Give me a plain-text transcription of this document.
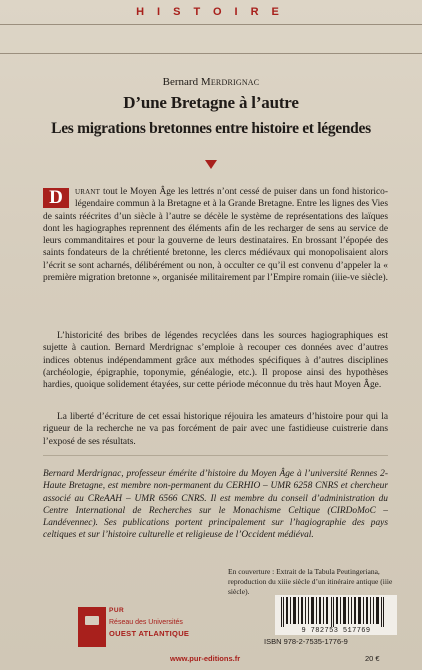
HISTOIRE
Bernard Merdrignac
D’une Bretagne à l’autre
Les migrations bretonnes entre histoire et légendes

D	urant tout le Moyen Âge les lettrés n’ont cessé de puiser dans un fond historico-légendaire commun à la Bretagne et à la Grande Bretagne. Entre les lignes des Vies de saints réécrites d’un siècle à l’autre se décèle le système de représentations des laïques dont les hagiographes reprennent des éléments afin de les recharger de sens au service de leurs commanditaires et pour la gouverne de leurs destinataires. En brossant l’épopée des saints fondateurs de la chrétienté bretonne, les clercs médiévaux qui monopolisaient alors l’écrit se sont acharnés, délibérément ou non, à occulter ce qu’il est convenu d’appeler la « première migration bretonne », organisée militairement par l’Empire romain (iiie-ve siècle).

L’historicité des bribes de légendes recyclées dans les sources hagiographiques est sujette à caution. Bernard Merdrignac s’emploie à recouper ces données avec d’autres indices obtenus indépendamment grâce aux méthodes spécifiques à d’autres disciplines (archéologie, épigraphie, toponymie, généalogie, etc.). Il propose ainsi des hypothèses hardies, quoique solidement étayées, sur cette période méconnue du très haut Moyen Âge.

La liberté d’écriture de cet essai historique réjouira les amateurs d’histoire pour qui la rigueur de la recherche ne va pas forcément de pair avec une fastidieuse cuistrerie dans l’exposé de ses résultats.

Bernard Merdrignac, professeur émérite d’histoire du Moyen Âge à l’université Rennes 2-Haute Bretagne, est membre non-permanent du CERHIO – UMR 6258 CNRS et chercheur associé au CReAAH – UMR 6566 CNRS. Il est membre du conseil d’administration du Centre International de Recherches sur le Monachisme Celtique (CIRDoMoC – Landévennec). Ses publications portent principalement sur l’hagiographie des pays celtiques et sur l’histoire culturelle et religieuse de l’Occident médiéval.

En couverture : Extrait de la Tabula Peutingeriana, reproduction du xiiie siècle d’un itinéraire antique (iiie siècle).
PUR
Réseau des Universités
OUEST ATLANTIQUE	9 782753 517769
ISBN 978-2-7535-1776-9
www.pur-editions.fr	20 €
